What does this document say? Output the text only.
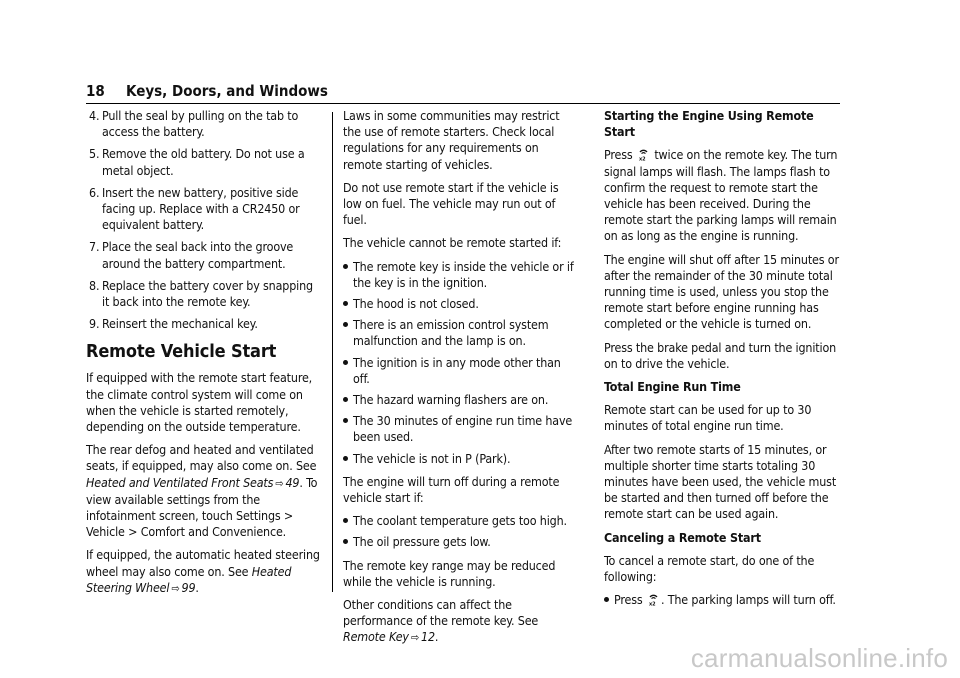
18 Keys, Doors, and Windows
4. Pull the seal by pulling on the tab to access the battery.
5. Remove the old battery. Do not use a metal object.
6. Insert the new battery, positive side facing up. Replace with a CR2450 or equivalent battery.
7. Place the seal back into the groove around the battery compartment.
8. Replace the battery cover by snapping it back into the remote key.
9. Reinsert the mechanical key.
Remote Vehicle Start

If equipped with the remote start feature, the climate control system will come on when the vehicle is started remotely, depending on the outside temperature.

The rear defog and heated and ventilated seats, if equipped, may also come on. See Heated and Ventilated Front Seats ⇨ 49. To view available settings from the infotainment screen, touch Settings > Vehicle > Comfort and Convenience.

If equipped, the automatic heated steering wheel may also come on. See Heated Steering Wheel ⇨ 99.

Laws in some communities may restrict the use of remote starters. Check local regulations for any requirements on remote starting of vehicles.

Do not use remote start if the vehicle is low on fuel. The vehicle may run out of fuel.

The vehicle cannot be remote started if:

The remote key is inside the vehicle or if the key is in the ignition.
The hood is not closed.
There is an emission control system malfunction and the lamp is on.
The ignition is in any mode other than off.
The hazard warning flashers are on.
The 30 minutes of engine run time have been used.
The vehicle is not in P (Park).

The engine will turn off during a remote vehicle start if:

The coolant temperature gets too high.
The oil pressure gets low.

The remote key range may be reduced while the vehicle is running.

Other conditions can affect the performance of the remote key. See Remote Key ⇨ 12.

Starting the Engine Using Remote Start

Press x2 twice on the remote key. The turn signal lamps will flash. The lamps flash to confirm the request to remote start the vehicle has been received. During the remote start the parking lamps will remain on as long as the engine is running.

The engine will shut off after 15 minutes or after the remainder of the 30 minute total running time is used, unless you stop the remote start before engine running has completed or the vehicle is turned on.

Press the brake pedal and turn the ignition on to drive the vehicle.

Total Engine Run Time

Remote start can be used for up to 30 minutes of total engine run time.

After two remote starts of 15 minutes, or multiple shorter time starts totaling 30 minutes have been used, the vehicle must be started and then turned off before the remote start can be used again.

Canceling a Remote Start

To cancel a remote start, do one of the following:

Press x2 . The parking lamps will turn off.
carmanualsonline.info
